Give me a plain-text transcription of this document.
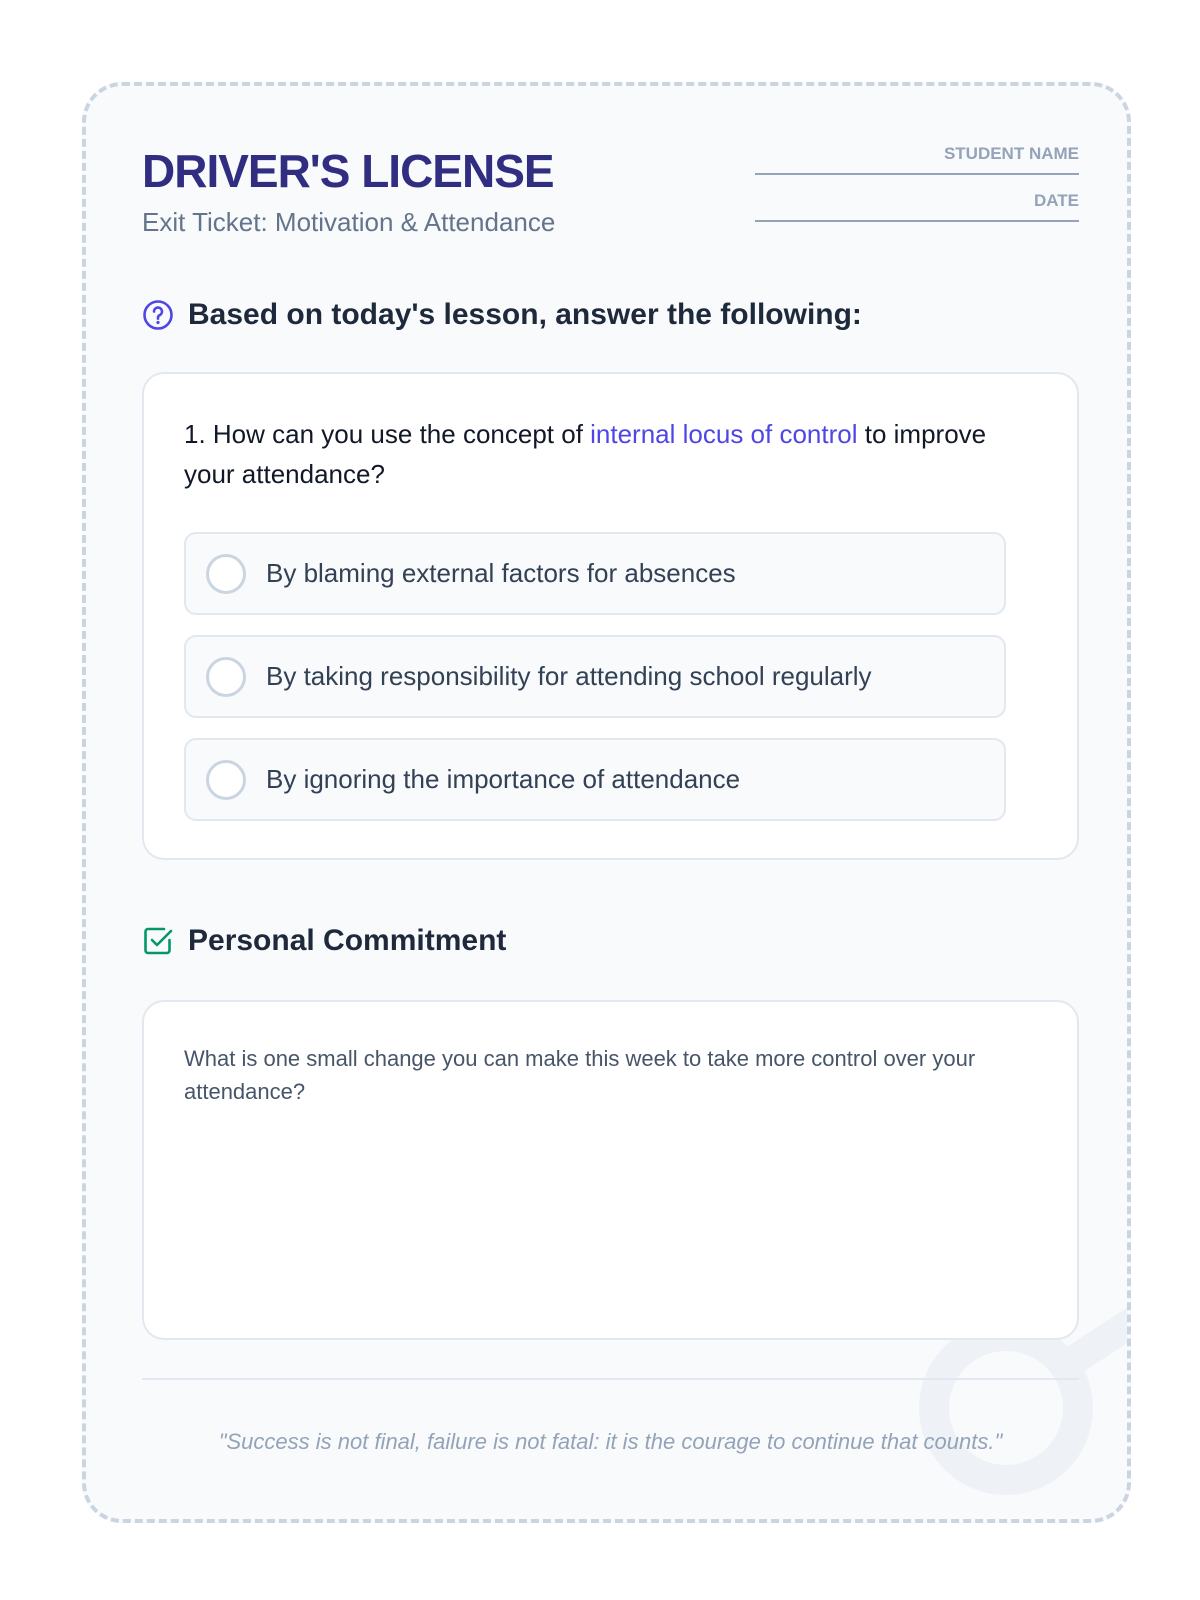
DRIVER'S LICENSE
Exit Ticket: Motivation & Attendance
STUDENT NAME
DATE
Based on today's lesson, answer the following:
1. How can you use the concept of internal locus of control to improve your attendance?
By blaming external factors for absences
By taking responsibility for attending school regularly
By ignoring the importance of attendance
Personal Commitment
What is one small change you can make this week to take more control over your attendance?
"Success is not final, failure is not fatal: it is the courage to continue that counts."
